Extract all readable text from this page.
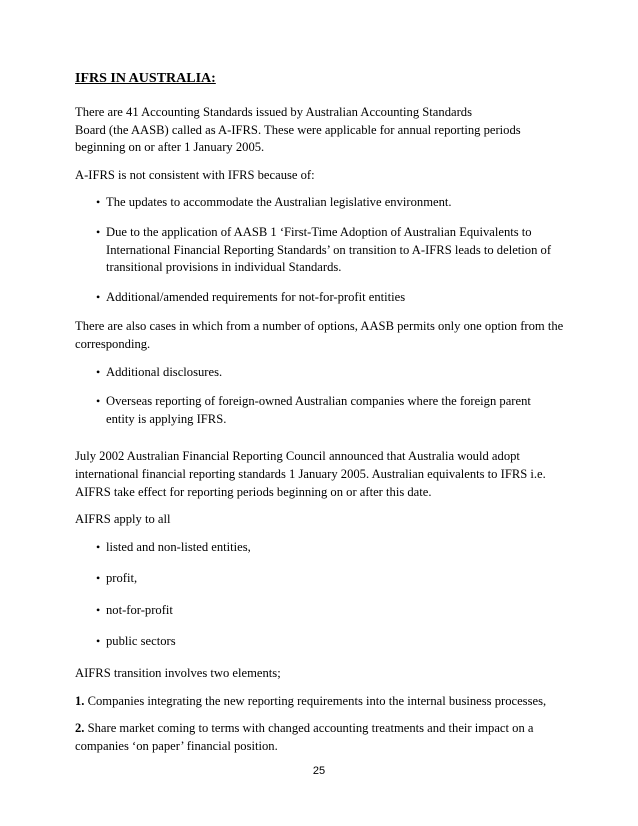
IFRS IN AUSTRALIA:

There are 41 Accounting Standards issued by Australian Accounting Standards
Board (the AASB) called as A-IFRS. These were applicable for annual reporting periods
beginning on or after 1 January 2005.

A-IFRS is not consistent with IFRS because of:

• The updates to accommodate the Australian legislative environment.
• Due to the application of AASB 1 ‘First-Time Adoption of Australian Equivalents to
International Financial Reporting Standards’ on transition to A-IFRS leads to deletion of
transitional provisions in individual Standards.
• Additional/amended requirements for not-for-profit entities

There are also cases in which from a number of options, AASB permits only one option from the
corresponding.

• Additional disclosures.
• Overseas reporting of foreign-owned Australian companies where the foreign parent
entity is applying IFRS.

July 2002 Australian Financial Reporting Council announced that Australia would adopt
international financial reporting standards 1 January 2005. Australian equivalents to IFRS i.e.
AIFRS take effect for reporting periods beginning on or after this date.

AIFRS apply to all

• listed and non-listed entities,
• profit,
• not-for-profit
• public sectors

AIFRS transition involves two elements;

1. Companies integrating the new reporting requirements into the internal business processes,

2. Share market coming to terms with changed accounting treatments and their impact on a
companies ‘on paper’ financial position.

25
